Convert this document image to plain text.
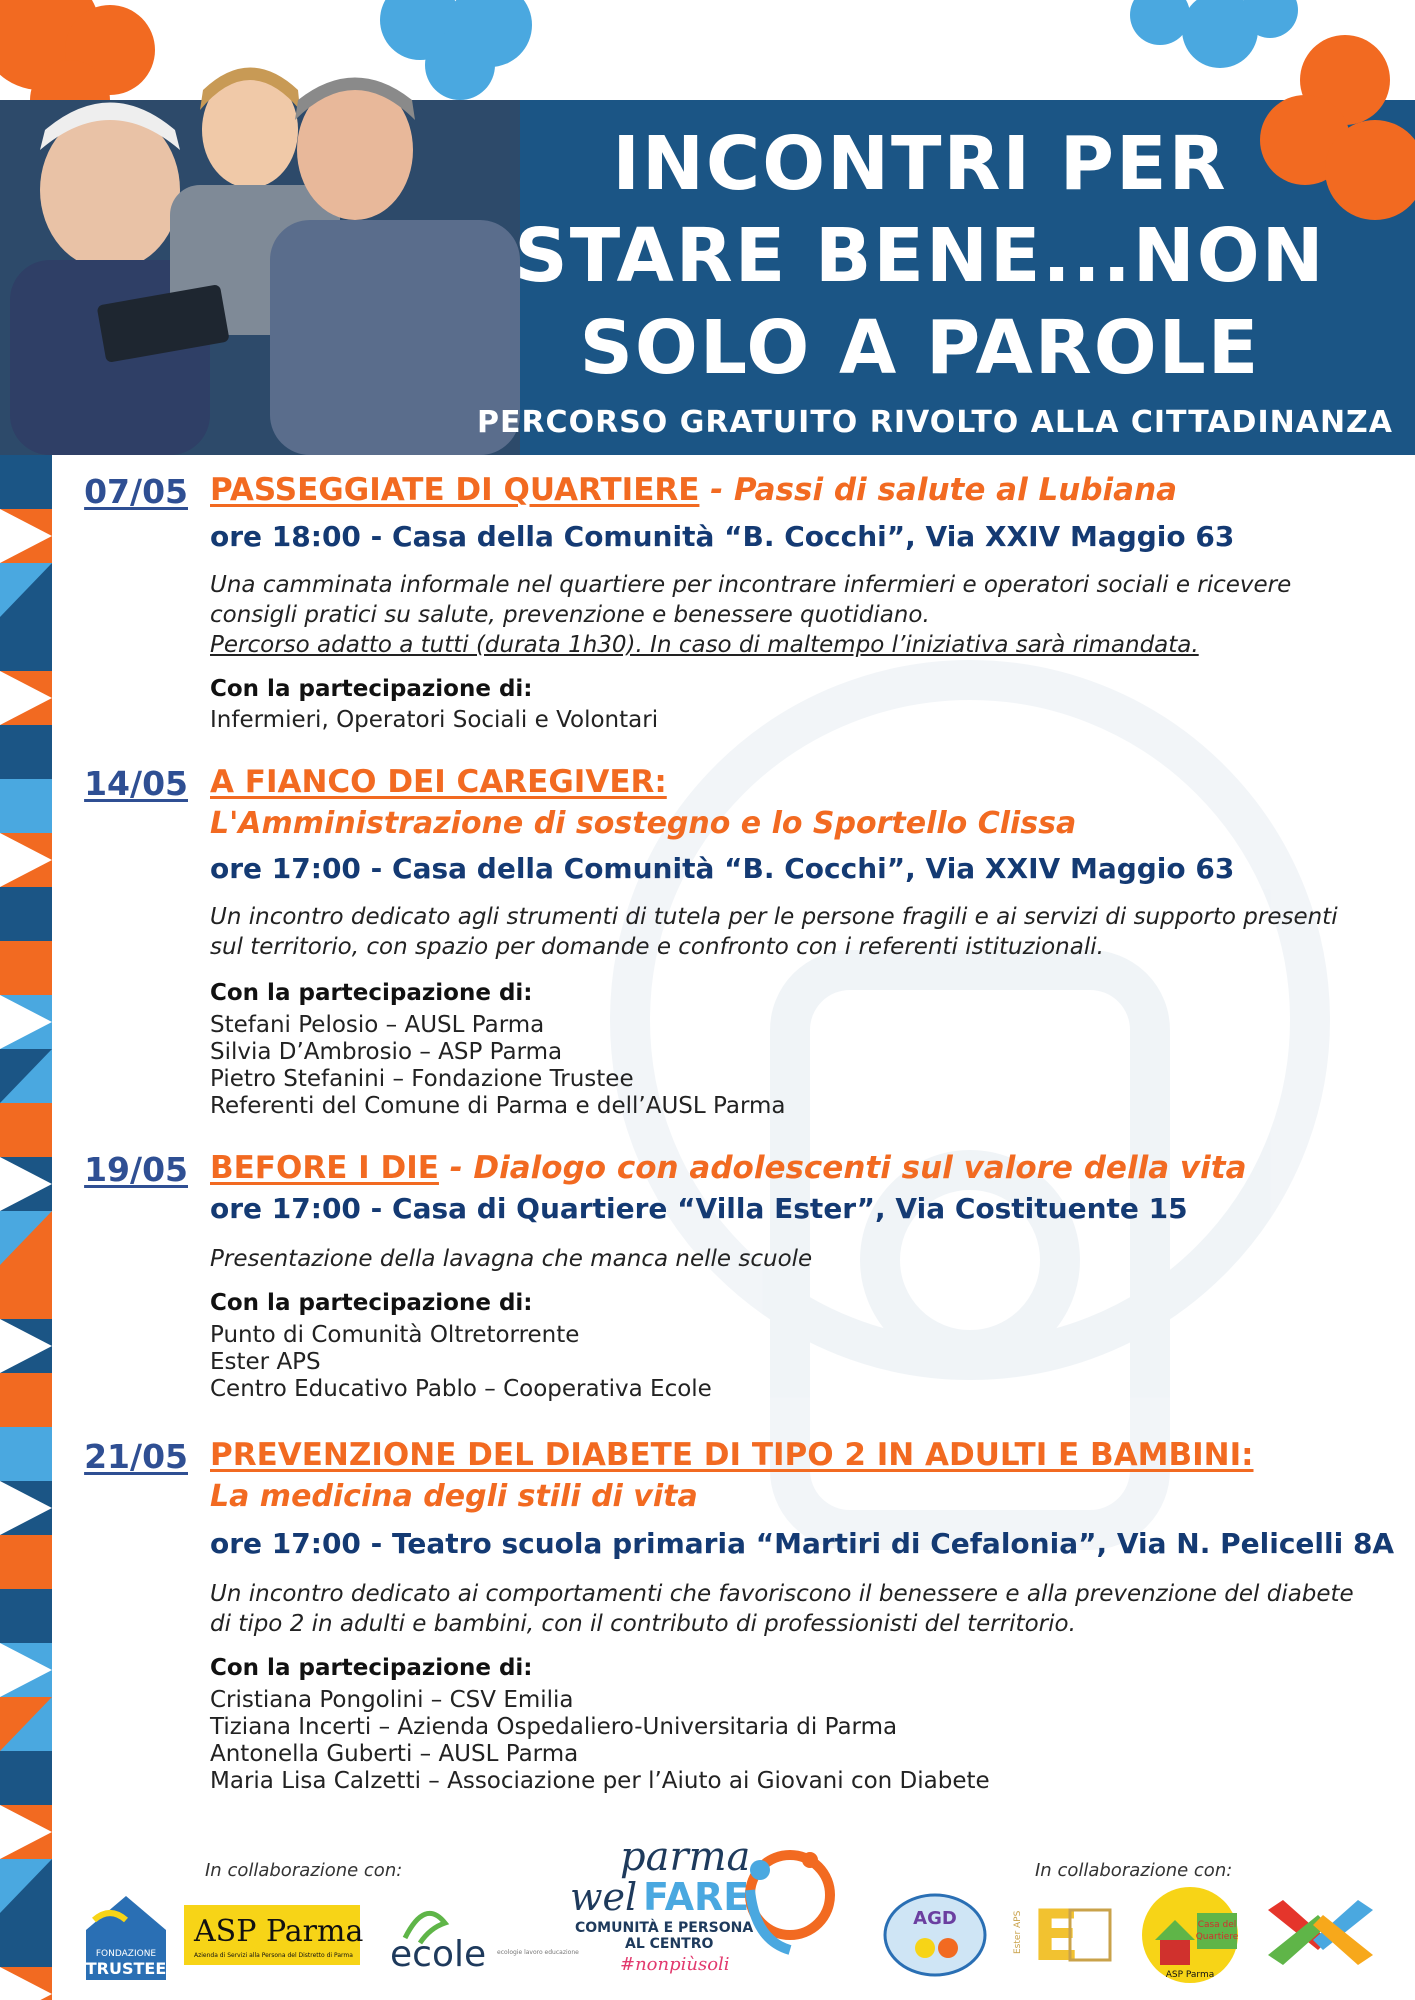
INCONTRI PER
STARE BENE...NON
SOLO A PAROLE
PERCORSO GRATUITO RIVOLTO ALLA CITTADINANZA
07/05 PASSEGGIATE DI QUARTIERE - Passi di salute al Lubiana
ore 18:00 - Casa della Comunità “B. Cocchi”, Via XXIV Maggio 63
Una camminata informale nel quartiere per incontrare infermieri e operatori sociali e ricevere consigli pratici su salute, prevenzione e benessere quotidiano.
Percorso adatto a tutti (durata 1h30). In caso di maltempo l’iniziativa sarà rimandata.
Con la partecipazione di:
Infermieri, Operatori Sociali e Volontari
14/05 A FIANCO DEI CAREGIVER:
L'Amministrazione di sostegno e lo Sportello Clissa
ore 17:00 - Casa della Comunità “B. Cocchi”, Via XXIV Maggio 63
Un incontro dedicato agli strumenti di tutela per le persone fragili e ai servizi di supporto presenti sul territorio, con spazio per domande e confronto con i referenti istituzionali.
Con la partecipazione di:
Stefani Pelosio – AUSL Parma
Silvia D’Ambrosio – ASP Parma
Pietro Stefanini – Fondazione Trustee
Referenti del Comune di Parma e dell’AUSL Parma
19/05 BEFORE I DIE - Dialogo con adolescenti sul valore della vita
ore 17:00 - Casa di Quartiere “Villa Ester”, Via Costituente 15
Presentazione della lavagna che manca nelle scuole
Con la partecipazione di:
Punto di Comunità Oltretorrente
Ester APS
Centro Educativo Pablo – Cooperativa Ecole
21/05 PREVENZIONE DEL DIABETE DI TIPO 2 IN ADULTI E BAMBINI:
La medicina degli stili di vita
ore 17:00 - Teatro scuola primaria “Martiri di Cefalonia”, Via N. Pelicelli 8A
Un incontro dedicato ai comportamenti che favoriscono il benessere e alla prevenzione del diabete di tipo 2 in adulti e bambini, con il contributo di professionisti del territorio.
Con la partecipazione di:
Cristiana Pongolini – CSV Emilia
Tiziana Incerti – Azienda Ospedaliero-Universitaria di Parma
Antonella Guberti – AUSL Parma
Maria Lisa Calzetti – Associazione per l’Aiuto ai Giovani con Diabete
In collaborazione con:	In collaborazione con:
FONDAZIONE
TRUSTEE
ASP Parma
Azienda di Servizi alla Persona del Distretto di Parma ecole ecologie lavoro educazione
parma
wel FARE
COMUNITÀ E PERSONA
AL CENTRO
#nonpiùsoli
AGD	Ester APS E	Casa del
Quartiere
ASP Parma
